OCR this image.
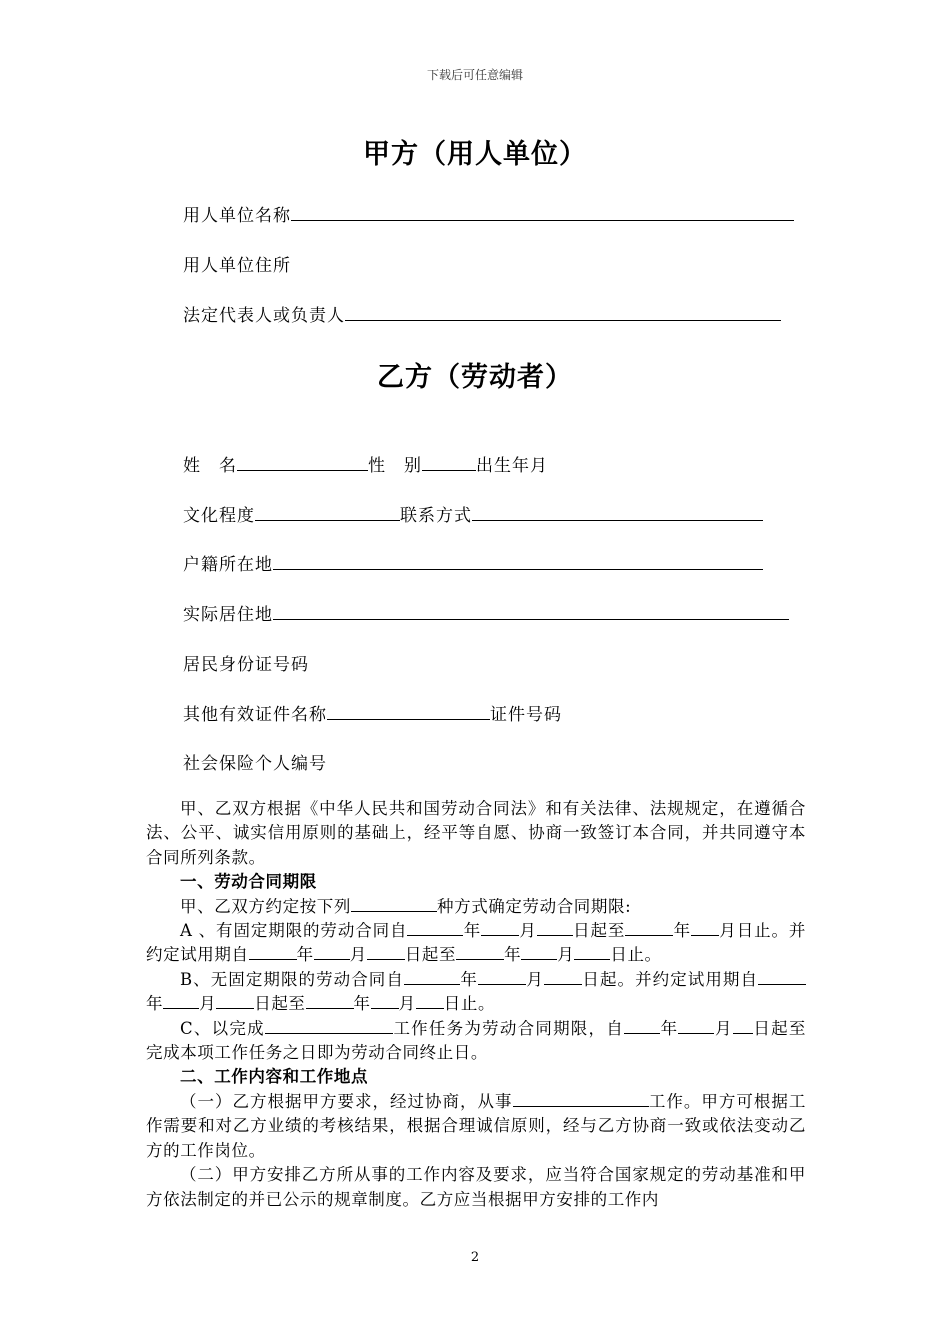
下载后可任意编辑
甲方（用人单位）
用人单位名称
用人单位住所
法定代表人或负责人
乙方（劳动者）
姓　名	性　别	出生年月
文化程度	联系方式
户籍所在地
实际居住地
居民身份证号码
其他有效证件名称	证件号码
社会保险个人编号

甲、乙双方根据《中华人民共和国劳动合同法》和有关法律、法规规定，在遵循合法、公平、诚实信用原则的基础上，经平等自愿、协商一致签订本合同，并共同遵守本合同所列条款。

一、劳动合同期限

甲、乙双方约定按下列	种方式确定劳动合同期限:

A 、有固定期限的劳动合同自	年 月 日起至	年 月日止。并约定试用期自	年 月 日起至	年 月 日止。

B、无固定期限的劳动合同自	年	月 日起。并约定试用期自年 月 日起至	年 月 日止。

C、以完成	工作任务为劳动合同期限，自 年 月 日起至完成本项工作任务之日即为劳动合同终止日。

二、工作内容和工作地点

（一）乙方根据甲方要求，经过协商，从事	工作。甲方可根据工作需要和对乙方业绩的考核结果，根据合理诚信原则，经与乙方协商一致或依法变动乙方的工作岗位。

（二）甲方安排乙方所从事的工作内容及要求，应当符合国家规定的劳动基准和甲方依法制定的并已公示的规章制度。乙方应当根据甲方安排的工作内

2
